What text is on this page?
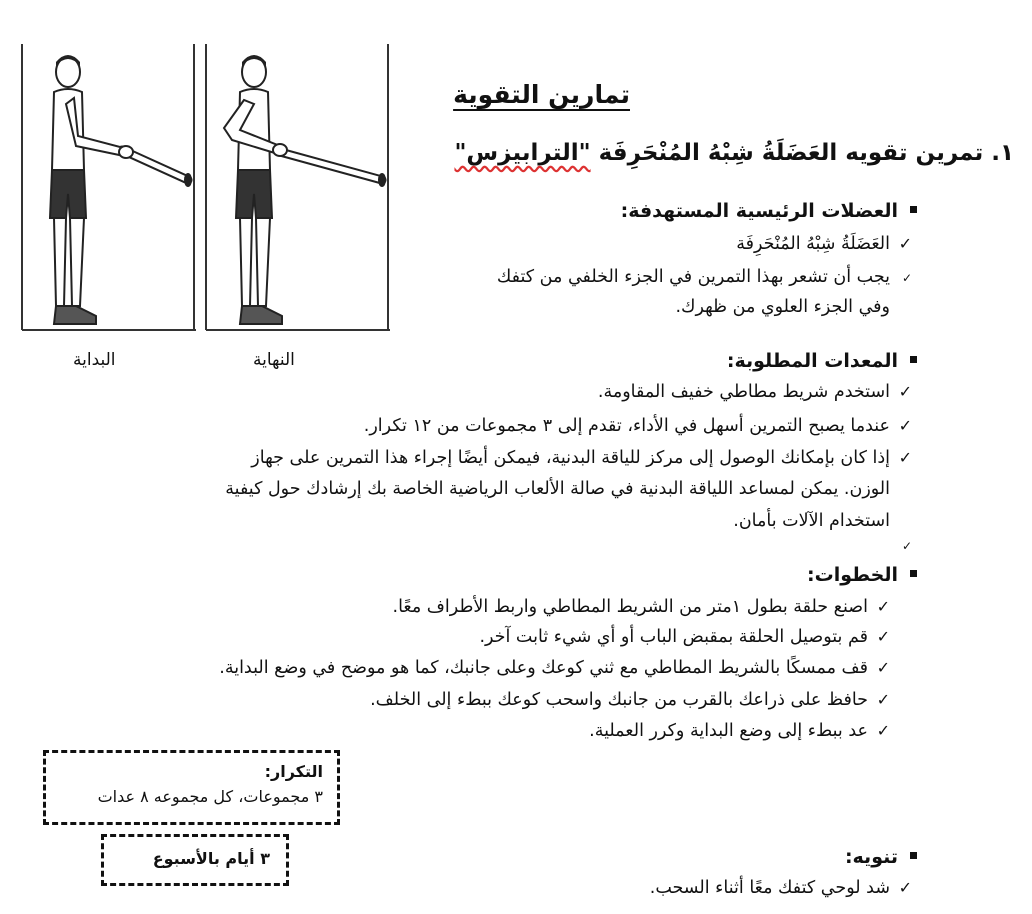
البداية	النهاية
تمارين التقوية
١. تمرين تقويه العَضَلَةُ شِبْهُ المُنْحَرِفَة "الترابيزس"
العضلات الرئيسية المستهدفة:
✓العَضَلَةُ شِبْهُ المُنْحَرِفَة
✓يجب أن تشعر بهذا التمرين في الجزء الخلفي من كتفك
وفي الجزء العلوي من ظهرك.
المعدات المطلوبة:
✓استخدم شريط مطاطي خفيف المقاومة.
✓عندما يصبح التمرين أسهل في الأداء، تقدم إلى ٣ مجموعات من ١٢ تكرار.
✓إذا كان بإمكانك الوصول إلى مركز للياقة البدنية، فيمكن أيضًا إجراء هذا التمرين على جهاز
الوزن. يمكن لمساعد اللياقة البدنية في صالة الألعاب الرياضية الخاصة بك إرشادك حول كيفية
استخدام الآلات بأمان.
✓
الخطوات:
✓اصنع حلقة بطول ١متر من الشريط المطاطي واربط الأطراف معًا.
✓قم بتوصيل الحلقة بمقبض الباب أو أي شيء ثابت آخر.
✓قف ممسكًا بالشريط المطاطي مع ثني كوعك وعلى جانبك، كما هو موضح في وضع البداية.
✓حافظ على ذراعك بالقرب من جانبك واسحب كوعك ببطء إلى الخلف.
✓عد ببطء إلى وضع البداية وكرر العملية.
تنويه:
✓شد لوحي كتفك معًا أثناء السحب.
التكرار:
٣ مجموعات، كل مجموعه ٨ عدات
٣ أيام بالأسبوع
